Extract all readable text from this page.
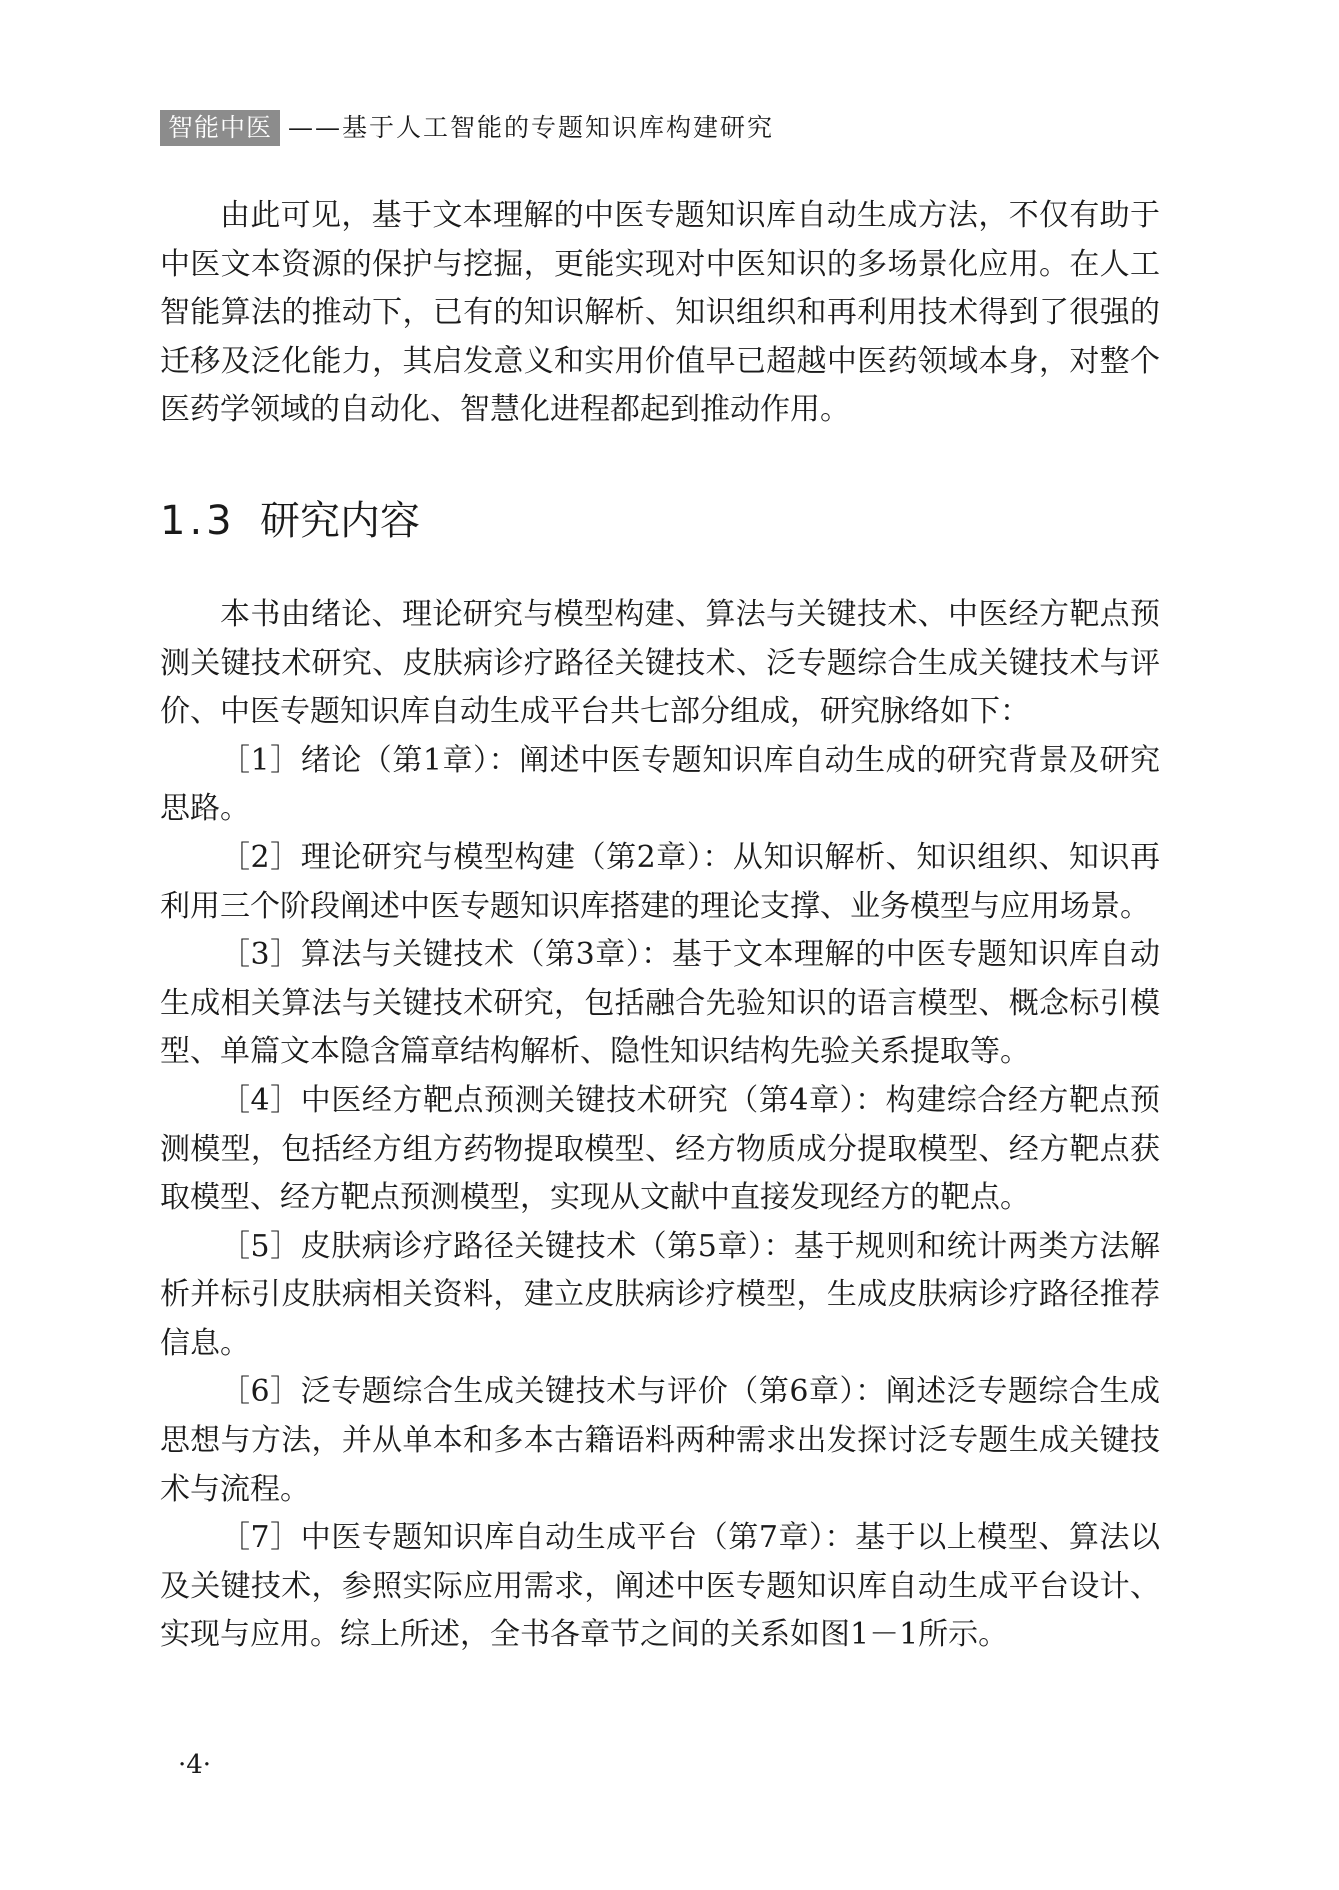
智能中医 ——基于人工智能的专题知识库构建研究

由此可见，基于文本理解的中医专题知识库自动生成方法，不仅有助于中医文本资源的保护与挖掘，更能实现对中医知识的多场景化应用。在人工智能算法的推动下，已有的知识解析、知识组织和再利用技术得到了很强的迁移及泛化能力，其启发意义和实用价值早已超越中医药领域本身，对整个医药学领域的自动化、智慧化进程都起到推动作用。

1.3 研究内容

本书由绪论、理论研究与模型构建、算法与关键技术、中医经方靶点预测关键技术研究、皮肤病诊疗路径关键技术、泛专题综合生成关键技术与评价、中医专题知识库自动生成平台共七部分组成，研究脉络如下：

［1］绪论（第1章）：阐述中医专题知识库自动生成的研究背景及研究思路。

［2］理论研究与模型构建（第2章）：从知识解析、知识组织、知识再利用三个阶段阐述中医专题知识库搭建的理论支撑、业务模型与应用场景。

［3］算法与关键技术（第3章）：基于文本理解的中医专题知识库自动生成相关算法与关键技术研究，包括融合先验知识的语言模型、概念标引模型、单篇文本隐含篇章结构解析、隐性知识结构先验关系提取等。

［4］中医经方靶点预测关键技术研究（第4章）：构建综合经方靶点预测模型，包括经方组方药物提取模型、经方物质成分提取模型、经方靶点获取模型、经方靶点预测模型，实现从文献中直接发现经方的靶点。

［5］皮肤病诊疗路径关键技术（第5章）：基于规则和统计两类方法解析并标引皮肤病相关资料，建立皮肤病诊疗模型，生成皮肤病诊疗路径推荐信息。

［6］泛专题综合生成关键技术与评价（第6章）：阐述泛专题综合生成思想与方法，并从单本和多本古籍语料两种需求出发探讨泛专题生成关键技术与流程。

［7］中医专题知识库自动生成平台（第7章）：基于以上模型、算法以及关键技术，参照实际应用需求，阐述中医专题知识库自动生成平台设计、实现与应用。综上所述，全书各章节之间的关系如图1－1所示。

·4·
